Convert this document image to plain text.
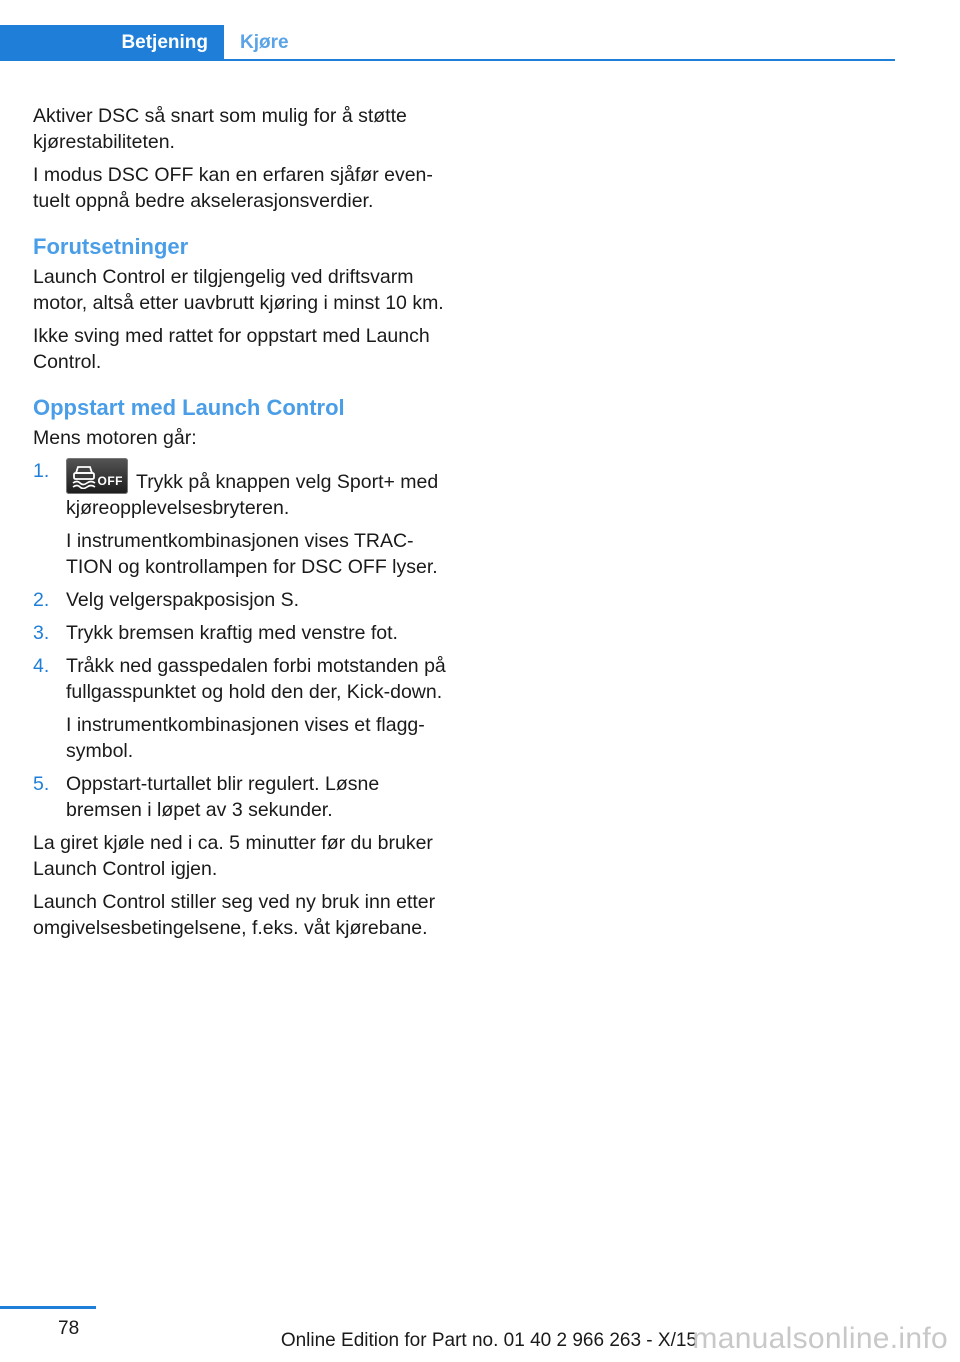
Betjening Kjøre

Aktiver DSC så snart som mulig for å støtte kjørestabiliteten.

I modus DSC OFF kan en erfaren sjåfør even-tuelt oppnå bedre akselerasjonsverdier.

Forutsetninger

Launch Control er tilgjengelig ved driftsvarm motor, altså etter uavbrutt kjøring i minst 10 km.

Ikke sving med rattet for oppstart med Launch Control.

Oppstart med Launch Control

Mens motoren går:

1.	OFF Trykk på knappen velg Sport+ med kjøreopplevelsesbryteren.

I instrumentkombinasjonen vises TRAC-TION og kontrollampen for DSC OFF lyser.

2. Velg velgerspakposisjon S.

3. Trykk bremsen kraftig med venstre fot.

4. Tråkk ned gasspedalen forbi motstanden på fullgasspunktet og hold den der, Kick-down.

I instrumentkombinasjonen vises et flagg-symbol.

5. Oppstart-turtallet blir regulert. Løsne bremsen i løpet av 3 sekunder.

La giret kjøle ned i ca. 5 minutter før du bruker Launch Control igjen.

Launch Control stiller seg ved ny bruk inn etter omgivelsesbetingelsene, f.eks. våt kjørebane.

78
Online Edition for Part no. 01 40 2 966 263 - X/15
manualsonline.info
